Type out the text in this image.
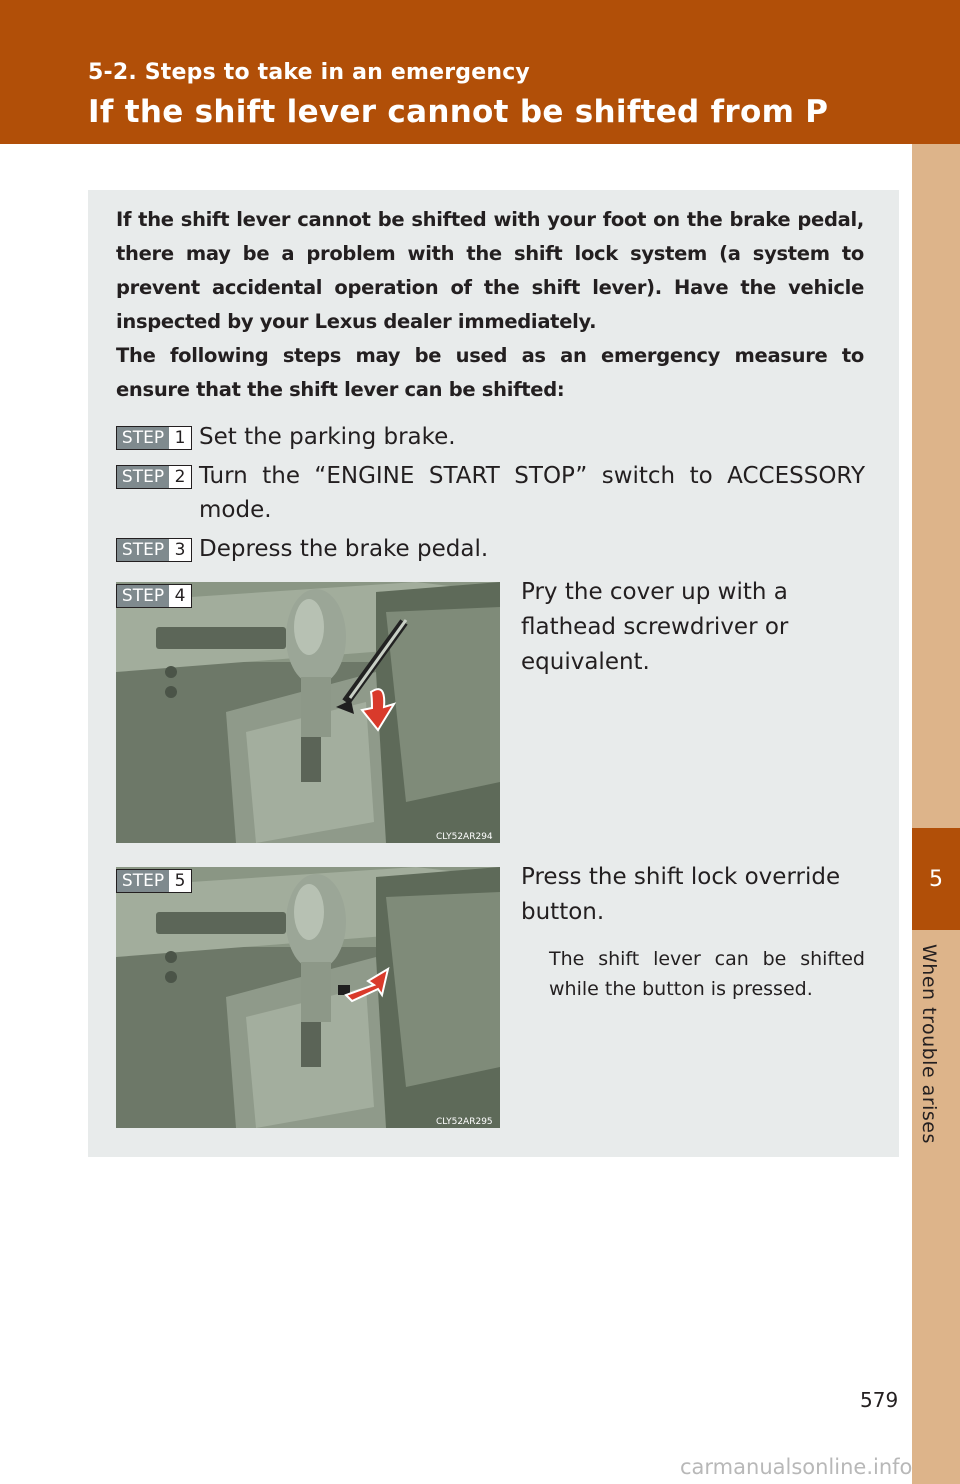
5-2. Steps to take in an emergency
If the shift lever cannot be shifted from P
5
When trouble arises

If the shift lever cannot be shifted with your foot on the brake pedal, there may be a problem with the shift lock system (a system to prevent accidental operation of the shift lever). Have the vehicle inspected by your Lexus dealer immediately.

The following steps may be used as an emergency measure to ensure that the shift lever can be shifted:

STEP 1 Set the parking brake.
STEP 2 Turn the “ENGINE START STOP” switch to ACCESSORY mode.
STEP 3 Depress the brake pedal.
STEP 4
CLY52AR294
Pry the cover up with a flathead screwdriver or equivalent.
STEP 5
CLY52AR295
Press the shift lock override button.
The shift lever can be shifted while the button is pressed.
579
carmanualsonline.info
